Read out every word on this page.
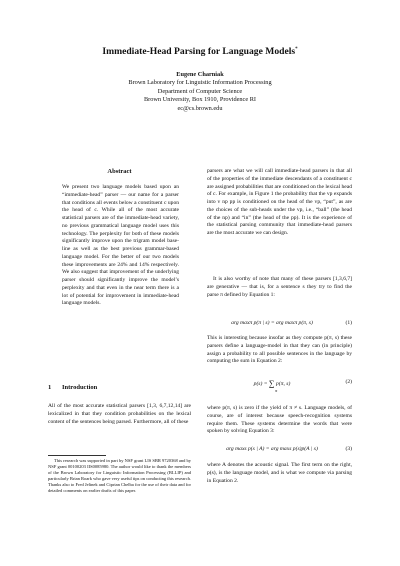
Immediate-Head Parsing for Language Models*
Eugene Charniak
Brown Laboratory for Linguistic Information Processing
Department of Computer Science
Brown University, Box 1910, Providence RI
ec@cs.brown.edu
Abstract

We present two language models based upon an “immediate-head” parser — our name for a parser that conditions all events below a constituent c upon the head of c. While all of the most accurate statistical parsers are of the immediate-head variety, no previous grammatical language model uses this technology. The perplexity for both of these models significantly improve upon the trigram model base-line as well as the best previous grammar-based language model. For the better of our two models these improvements are 24% and 14% respectively. We also suggest that improvement of the underlying parser should significantly improve the model’s perplexity and that even in the near term there is a lot of potential for improvement in immediate-head language models.

1 Introduction

All of the most accurate statistical parsers [1,3, 6,7,12,14] are lexicalized in that they condition probabilities on the lexical content of the sentences being parsed. Furthermore, all of these

This research was supported in part by NSF grant LIS SBR 9720368 and by NSF grant 00100203 IIS0085980. The author would like to thank the members of the Brown Laboratory for Linguistic Information Processing (BLLIP) and particularly Brian Roark who gave very useful tips on conducting this research. Thanks also to Fred Jelinek and Ciprian Chelba for the use of their data and for detailed comments on earlier drafts of this paper.

parsers are what we will call immediate-head parsers in that all of the properties of the immediate descendants of a constituent c are assigned probabilities that are conditioned on the lexical head of c. For example, in Figure 1 the probability that the vp expands into v np pp is conditioned on the head of the vp, “put”, as are the choices of the sub-heads under the vp, i.e., “ball” (the head of the np) and “in” (the head of the pp). It is the experience of the statistical parsing community that immediate-head parsers are the most accurate we can design.

It is also worthy of note that many of these parsers [1,3,6,7] are generative — that is, for a sentence s they try to find the parse π defined by Equation 1:

arg maxπ p(π | s) = arg maxπ p(π, s)	(1)

This is interesting because insofar as they compute p(π, s) these parsers define a language-model in that they can (in principle) assign a probability to all possible sentences in the language by computing the sum in Equation 2:

p(s) = ∑ p(π, s)
π
(2)

where p(π, s) is zero if the yield of π ≠ s. Language models, of course, are of interest because speech-recognition systems require them. These systems determine the words that were spoken by solving Equation 3:

arg maxs p(s | A) = arg maxs p(s)p(A | s)	(3)

where A denotes the acoustic signal. The first term on the right, p(s), is the language model, and is what we compute via parsing in Equation 2.
